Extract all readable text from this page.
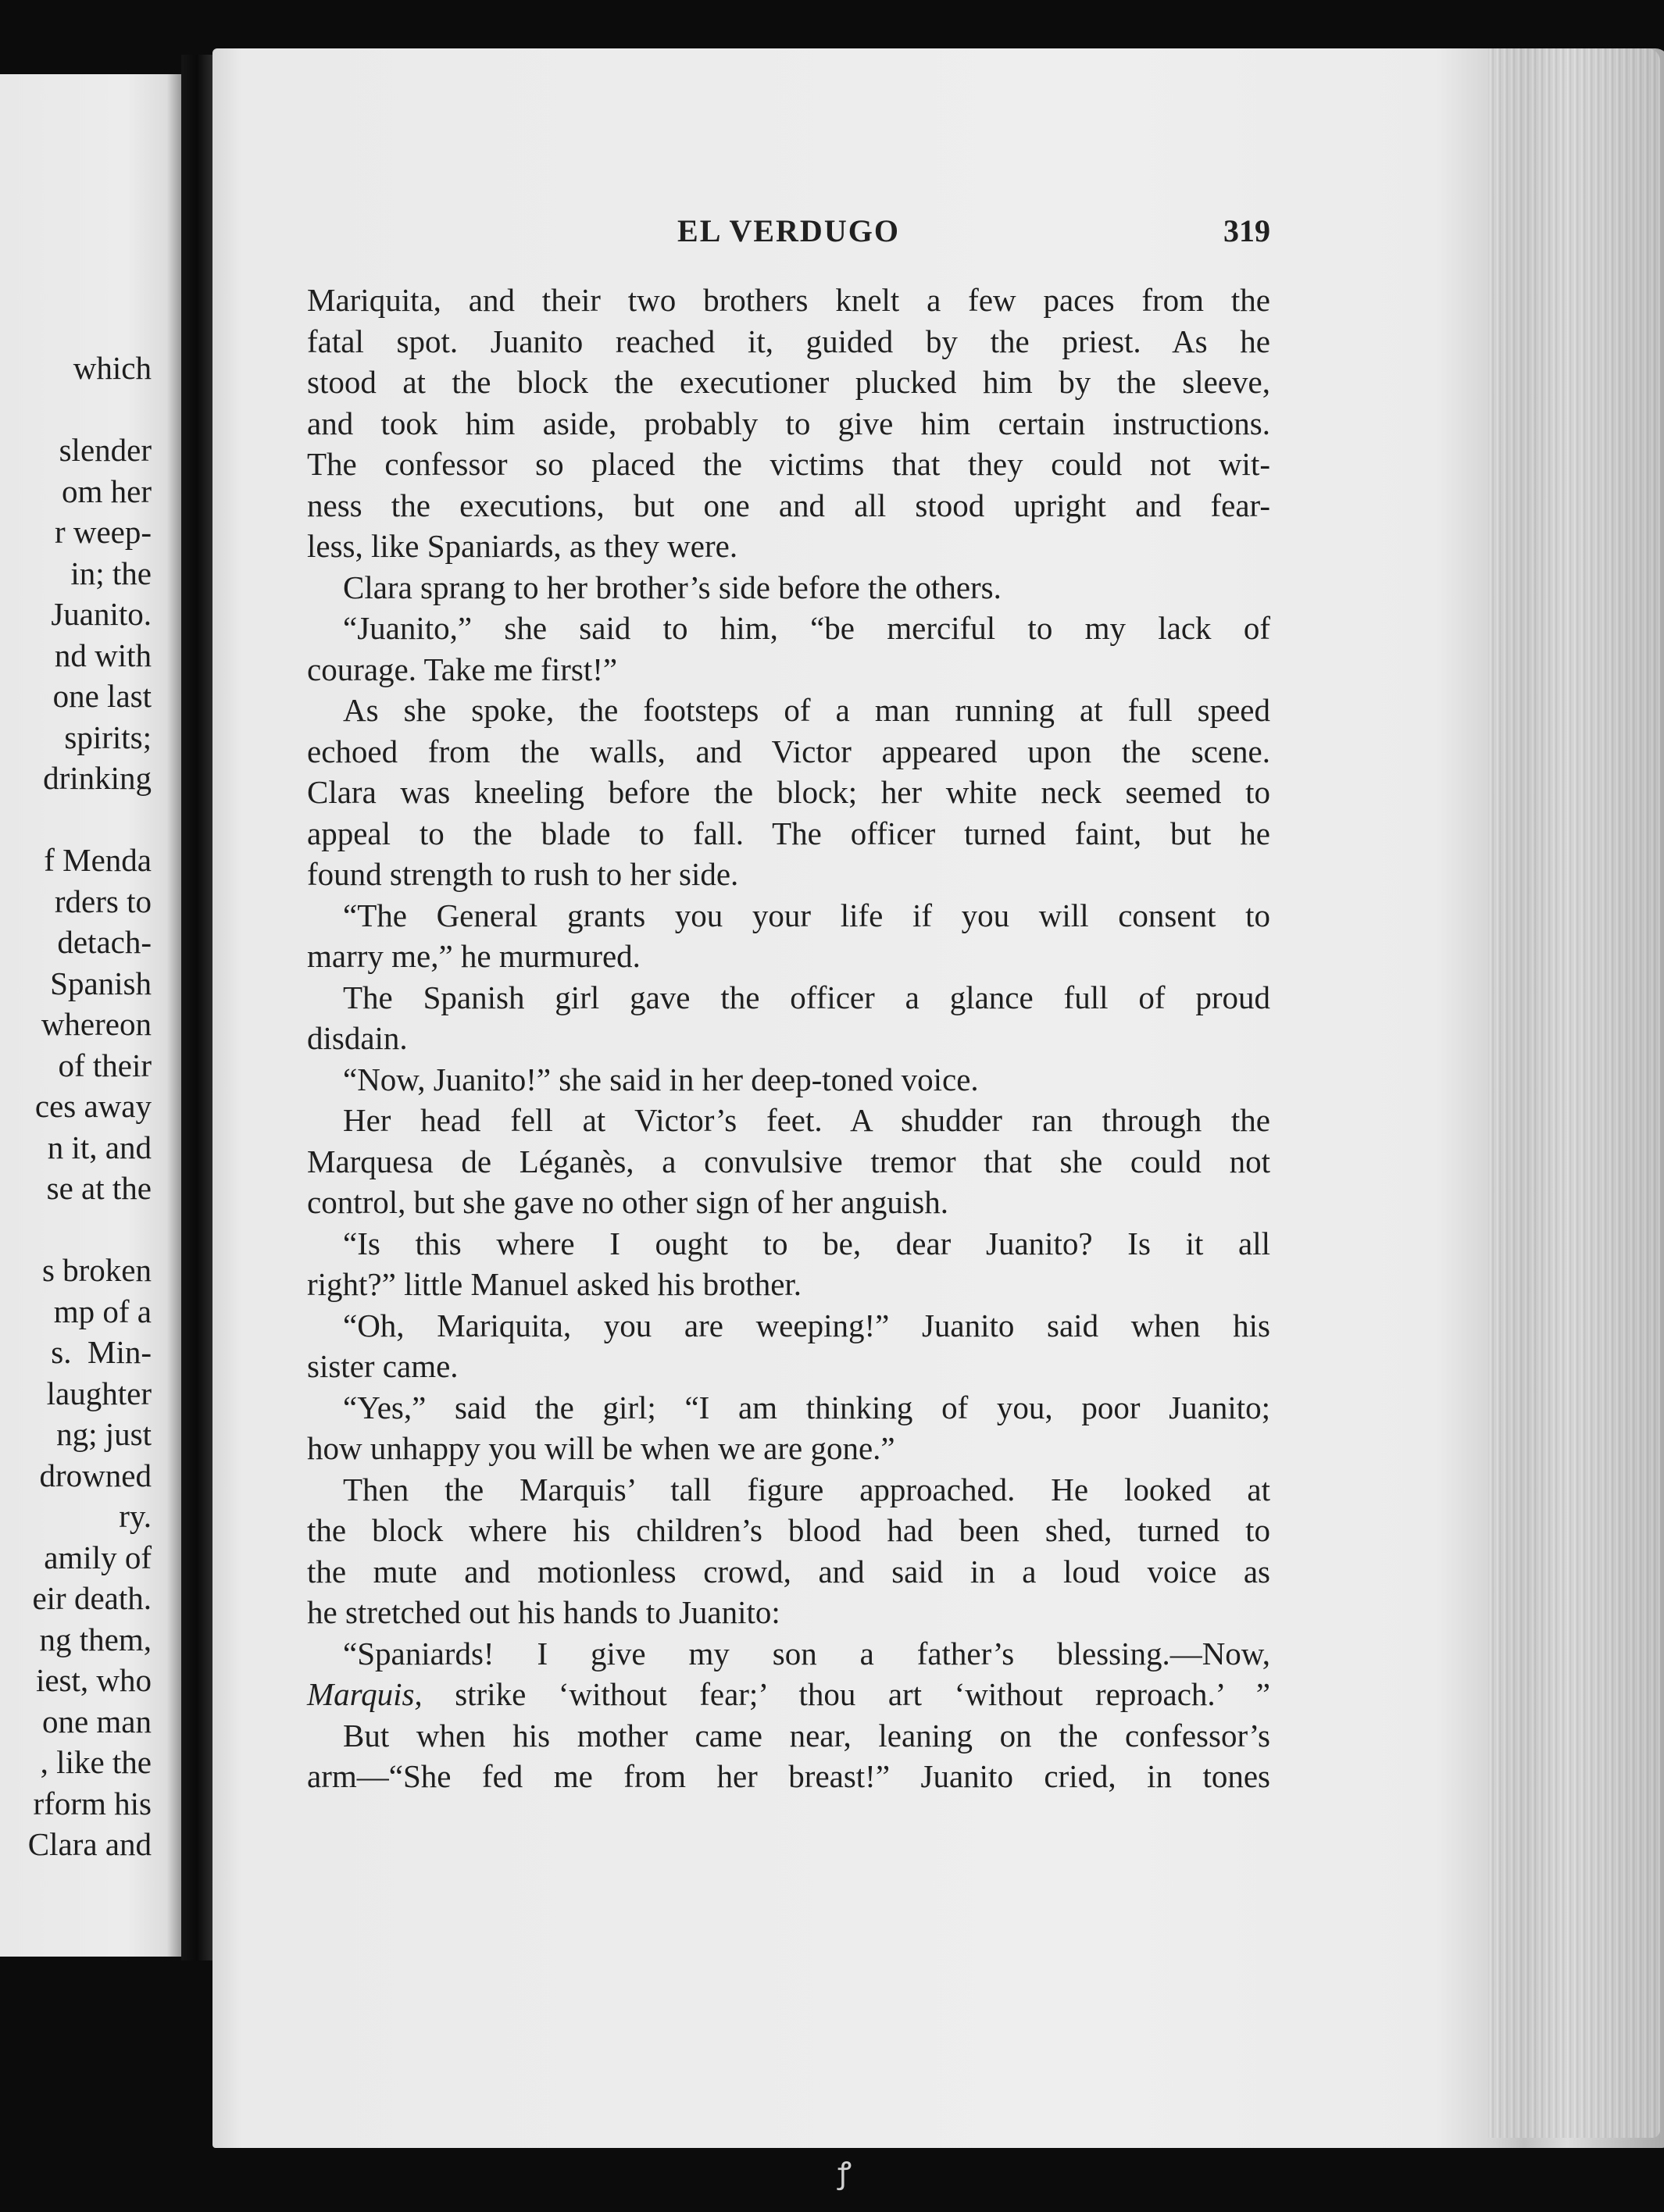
which
slender
om her
r weep-
in; the
Juanito.
nd with
one last
spirits;
drinking
f Menda
rders to
detach-
Spanish
whereon
of their
ces away
n it, and
se at the
s broken
mp of a
s.  Min-
laughter
ng; just
drowned
ry.
amily of
eir death.
ng them,
iest, who
one man
, like the
rform his
Clara and
EL VERDUGO	319
Mariquita, and their two brothers knelt a few paces from the
fatal spot. Juanito reached it, guided by the priest. As he
stood at the block the executioner plucked him by the sleeve,
and took him aside, probably to give him certain instructions.
The confessor so placed the victims that they could not wit-
ness the executions, but one and all stood upright and fear-
less, like Spaniards, as they were.
Clara sprang to her brother’s side before the others.
“Juanito,” she said to him, “be merciful to my lack of
courage. Take me first!”
As she spoke, the footsteps of a man running at full speed
echoed from the walls, and Victor appeared upon the scene.
Clara was kneeling before the block; her white neck seemed to
appeal to the blade to fall. The officer turned faint, but he
found strength to rush to her side.
“The General grants you your life if you will consent to
marry me,” he murmured.
The Spanish girl gave the officer a glance full of proud
disdain.
“Now, Juanito!” she said in her deep-toned voice.
Her head fell at Victor’s feet. A shudder ran through the
Marquesa de Léganès, a convulsive tremor that she could not
control, but she gave no other sign of her anguish.
“Is this where I ought to be, dear Juanito? Is it all
right?” little Manuel asked his brother.
“Oh, Mariquita, you are weeping!” Juanito said when his
sister came.
“Yes,” said the girl; “I am thinking of you, poor Juanito;
how unhappy you will be when we are gone.”
Then the Marquis’ tall figure approached. He looked at
the block where his children’s blood had been shed, turned to
the mute and motionless crowd, and said in a loud voice as
he stretched out his hands to Juanito:
“Spaniards! I give my son a father’s blessing.—Now,
Marquis, strike ‘without fear;’ thou art ‘without reproach.’ ”
But when his mother came near, leaning on the confessor’s
arm—“She fed me from her breast!” Juanito cried, in tones
ꝭ
